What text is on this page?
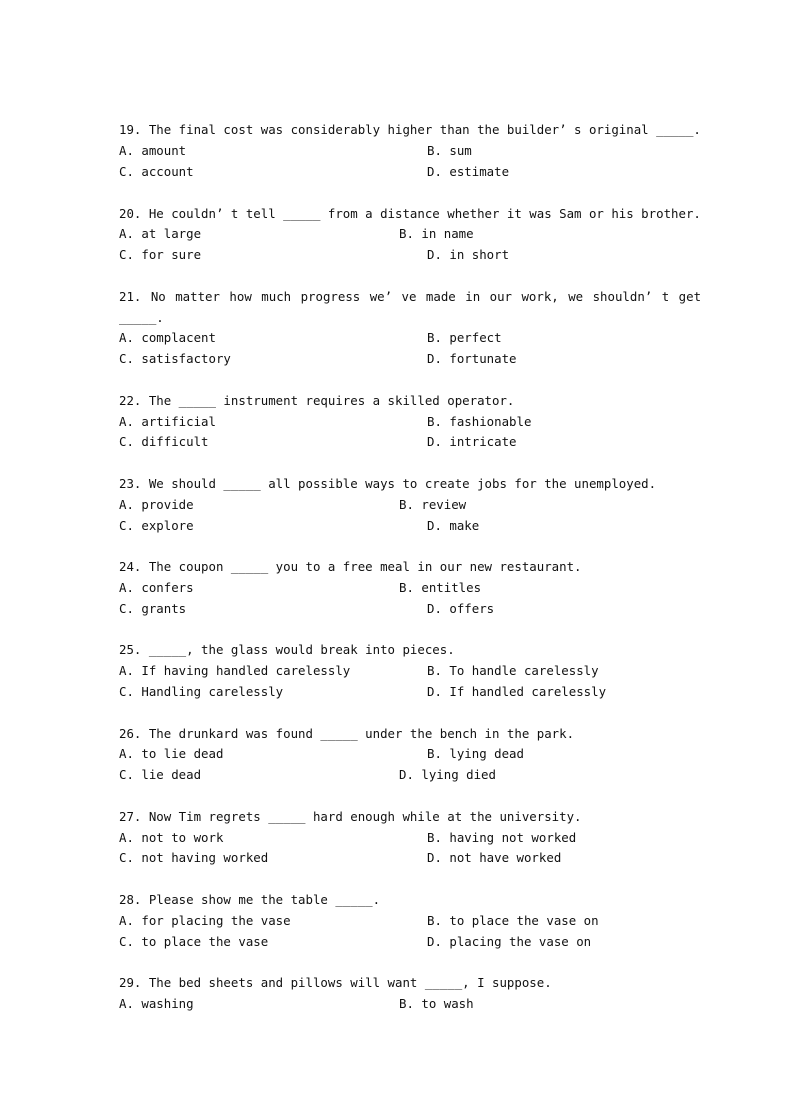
19. The final cost was considerably higher than the builder’ s original _____.
A. amount	B. sum
C. account	D. estimate
20. He couldn’ t tell _____ from a distance whether it was Sam or his brother.
A. at large	B. in name
C. for sure	D. in short
21. No matter how much progress we’ ve made in our work, we shouldn’ t get
_____.
A. complacent	B. perfect
C. satisfactory	D. fortunate
22. The _____ instrument requires a skilled operator.
A. artificial	B. fashionable
C. difficult	D. intricate
23. We should _____ all possible ways to create jobs for the unemployed.
A. provide	B. review
C. explore	D. make
24. The coupon _____ you to a free meal in our new restaurant.
A. confers	B. entitles
C. grants	D. offers
25. _____, the glass would break into pieces.
A. If having handled carelessly	B. To handle carelessly
C. Handling carelessly	D. If handled carelessly
26. The drunkard was found _____ under the bench in the park.
A. to lie dead	B. lying dead
C. lie dead	D. lying died
27. Now Tim regrets _____ hard enough while at the university.
A. not to work	B. having not worked
C. not having worked	D. not have worked
28. Please show me the table _____.
A. for placing the vase	B. to place the vase on
C. to place the vase	D. placing the vase on
29. The bed sheets and pillows will want _____, I suppose.
A. washing	B. to wash
